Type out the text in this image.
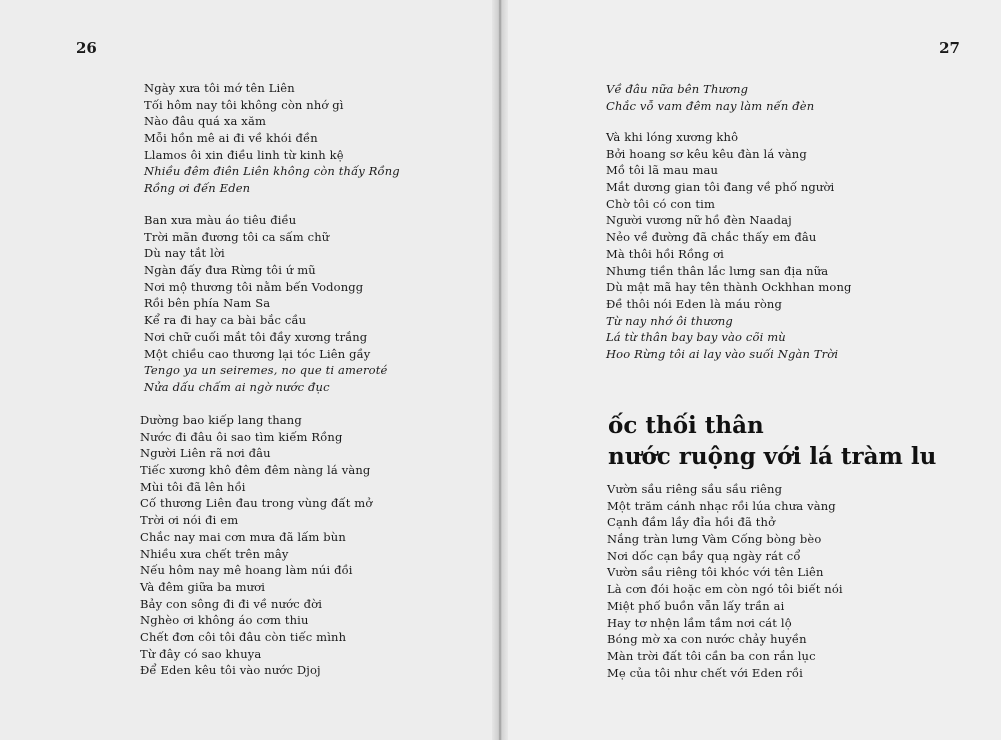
26
Ngày xưa tôi mớ tên Liên
Tối hôm nay tôi không còn nhớ gì
Nào đâu quá xa xăm
Mỗi hồn mê ai đi về khói đền
Llamos ôi xin điều linh từ kinh kệ
Nhiều đêm điên Liên không còn thấy Rồng
Rồng ơi đến Eden
Ban xưa màu áo tiêu điều
Trời mãn đương tôi ca sấm chữ
Dù nay tắt lời
Ngàn đấy đưa Rừng tôi ứ mũ
Nơi mộ thương tôi nằm bến Vodongg
Rồi bên phía Nam Sa
Kể ra đi hay ca bài bắc cầu
Nơi chữ cuối mắt tôi đầy xương trắng
Một chiều cao thương lại tóc Liên gầy
Tengo ya un seiremes, no que ti ameroté
Nửa dấu chấm ai ngờ nước đục
Dường bao kiếp lang thang
Nước đi đâu ôi sao tìm kiếm Rồng
Người Liên rã nơi đâu
Tiếc xương khô đêm đêm nàng lá vàng
Mùi tôi đã lên hồi
Cố thương Liên đau trong vùng đất mở
Trời ơi nói đi em
Chắc nay mai cơn mưa đã lấm bùn
Nhiều xưa chết trên mây
Nếu hôm nay mê hoang làm núi đồi
Và đêm giữa ba mươi
Bảy con sông đi đi về nước đời
Nghèo ơi không áo cơm thiu
Chết đơn côi tôi đâu còn tiếc mình
Từ đây có sao khuya
Để Eden kêu tôi vào nước Djoj
27
Về đâu nữa bên Thương
Chắc vỗ vam đêm nay làm nến đèn
Và khi lóng xương khô
Bởi hoang sơ kêu kêu đàn lá vàng
Mồ tôi lã mau mau
Mắt dương gian tôi đang về phố người
Chờ tôi có con tim
Người vương nữ hồ đèn Naadaj
Nẻo về đường đã chắc thấy em đâu
Mà thôi hồi Rồng ơi
Nhưng tiền thân lắc lưng san địa nữa
Dù mật mã hay tên thành Ockhhan mong
Đề thôi nói Eden là máu ròng
Từ nay nhớ ôi thương
Lá từ thân bay bay vào cõi mù
Hoo Rừng tôi ai lay vào suối Ngàn Trời
ốc thối thân
nước ruộng với lá tràm lu
Vườn sầu riêng sầu sầu riêng
Một trăm cánh nhạc rồi lúa chưa vàng
Cạnh đầm lầy đỉa hồi đã thở
Nắng tràn lưng Vàm Cống bòng bèo
Nơi dốc cạn bầy quạ ngày rát cổ
Vườn sầu riêng tôi khóc với tên Liên
Là cơn đói hoặc em còn ngó tôi biết nói
Miệt phố buồn vẫn lấy trần ai
Hay tơ nhện lầm tầm nơi cát lộ
Bóng mờ xa con nước chảy huyền
Màn trời đất tôi cần ba con rắn lục
Mẹ của tôi như chết với Eden rồi
